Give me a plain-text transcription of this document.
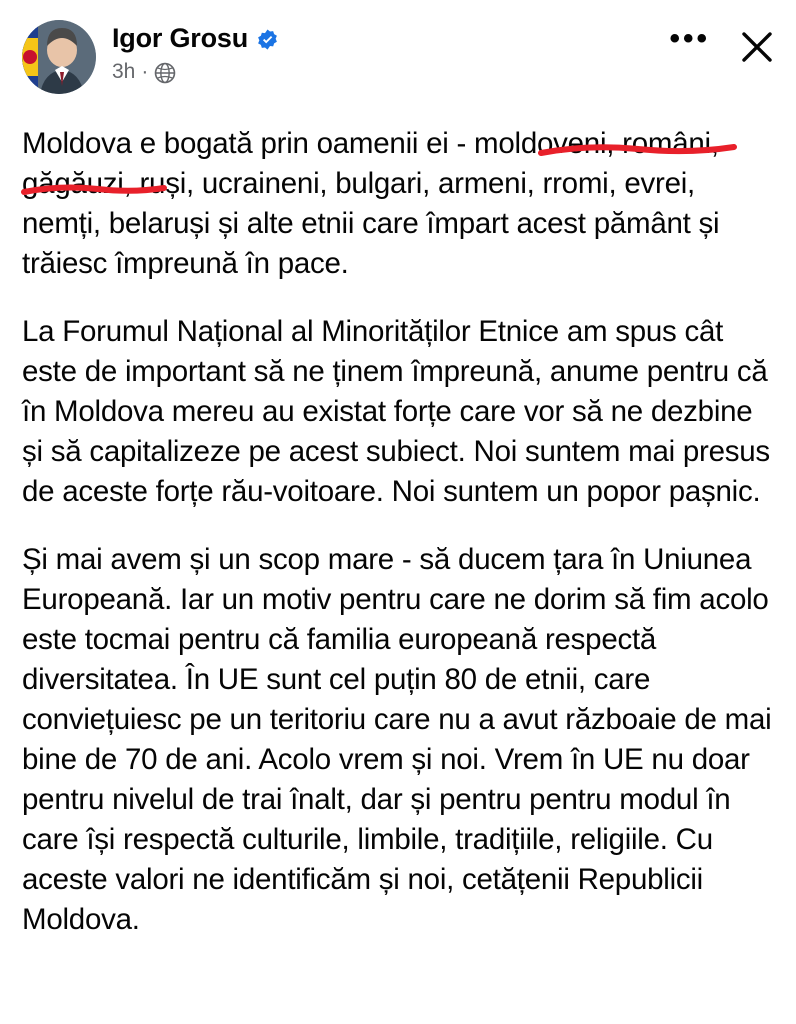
Igor Grosu
3h ·
•••

Moldova e bogată prin oamenii ei - moldoveni, români, găgăuzi, ruși, ucraineni, bulgari, armeni, rromi, evrei, nemți, belaruși și alte etnii care împart acest pământ și trăiesc împreună în pace.

La Forumul Național al Minorităților Etnice am spus cât este de important să ne ținem împreună, anume pentru că în Moldova mereu au existat forțe care vor să ne dezbine și să capitalizeze pe acest subiect. Noi suntem mai presus de aceste forțe rău-voitoare. Noi suntem un popor pașnic.

Și mai avem și un scop mare - să ducem țara în Uniunea Europeană. Iar un motiv pentru care ne dorim să fim acolo este tocmai pentru că familia europeană respectă diversitatea. În UE sunt cel puțin 80 de etnii, care conviețuiesc pe un teritoriu care nu a avut războaie de mai bine de 70 de ani. Acolo vrem și noi. Vrem în UE nu doar pentru nivelul de trai înalt, dar și pentru pentru modul în care își respectă culturile, limbile, tradițiile, religiile. Cu aceste valori ne identificăm și noi, cetățenii Republicii Moldova.
